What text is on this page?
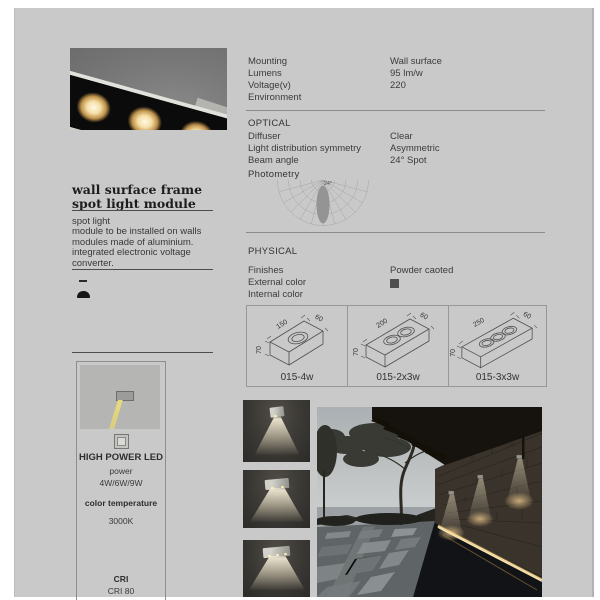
wall surface frame
spot light module
spot light
module to be installed on walls
modules made of aluminium.
integrated electronic voltage
converter.
HIGH POWER LED
power
4W/6W/9W
color temperature
3000K
CRI
CRI 80
Mounting	Wall surface
Lumens	95 lm/w
Voltage(v)	220
Environment
OPTICAL
Diffuser	Clear
Light distribution symmetry	Asymmetric
Beam angle	24° Spot
Photometry
24°
PHYSICAL
Finishes	Powder caoted
External color
Internal color
150
60
70
015-4w
200
60
70
015-2x3w
250
60
70
015-3x3w
